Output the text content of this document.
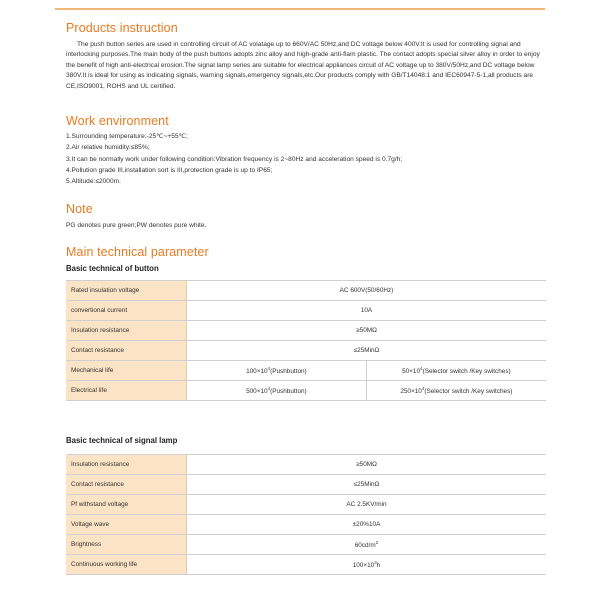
Products instruction

The push button series are used in controlling circuit of AC volatage up to 660V/AC 50Hz,and DC voltage below 400V.It is used for controlling signal and interlocking purposes.The main body of the push buttons adopts zinc alloy and high-grade anti-flam plastic. The contact adopts special silver alloy in order to enjoy the benefit of high anti-electrical erosion.The signal lamp series are suitable for electrical appliances circuit of AC voltage up to 380V/50Hz,and DC voltage below 380V.It is ideal for using as indicating signals, warning signals,emergency signals,etc.Our products comply with GB/T14048.1 and IEC60947-5-1,all products are CE,ISO9001, ROHS and UL certified.

Work environment
1.Surrounding temperature:-25℃~+55℃;
2.Air relative humidity:≤85%;
3.It can be normally work under following condition:Vibration frequency is 2~80Hz and acceleration speed is 0.7g/h;
4.Pollution grade III,installation sort is III,protection grade is up to IP65;
5.Altitude:≤2000m.
Note
PG denotes pure green;PW denotes pure white.
Main technical parameter

Basic technical of button

Rated insulation voltage	AC 600V(50/60Hz)	
convertional current	10A	
Insulation resistance	≥50MΩ	
Contact resistance	≤25MinΩ	
Mechanical life	$100\times 10^4(Pushbutton)$	$50\times 10^4(Selector$ switch /Key switches)
Electrical life	$500\times 10^4(Pushbutton)$	$250\times 10^4(Selector$ switch /Key switches)

Basic technical of signal lamp

Insulation resistance	≥50MΩ
Contact resistance	≤25MinΩ
Pf withstand voltage	AC 2.5KV/min
Voltage wave	±20%10A
Brightness	$60cd/m^2$
Continuous working life	$100\times 10^3h$
